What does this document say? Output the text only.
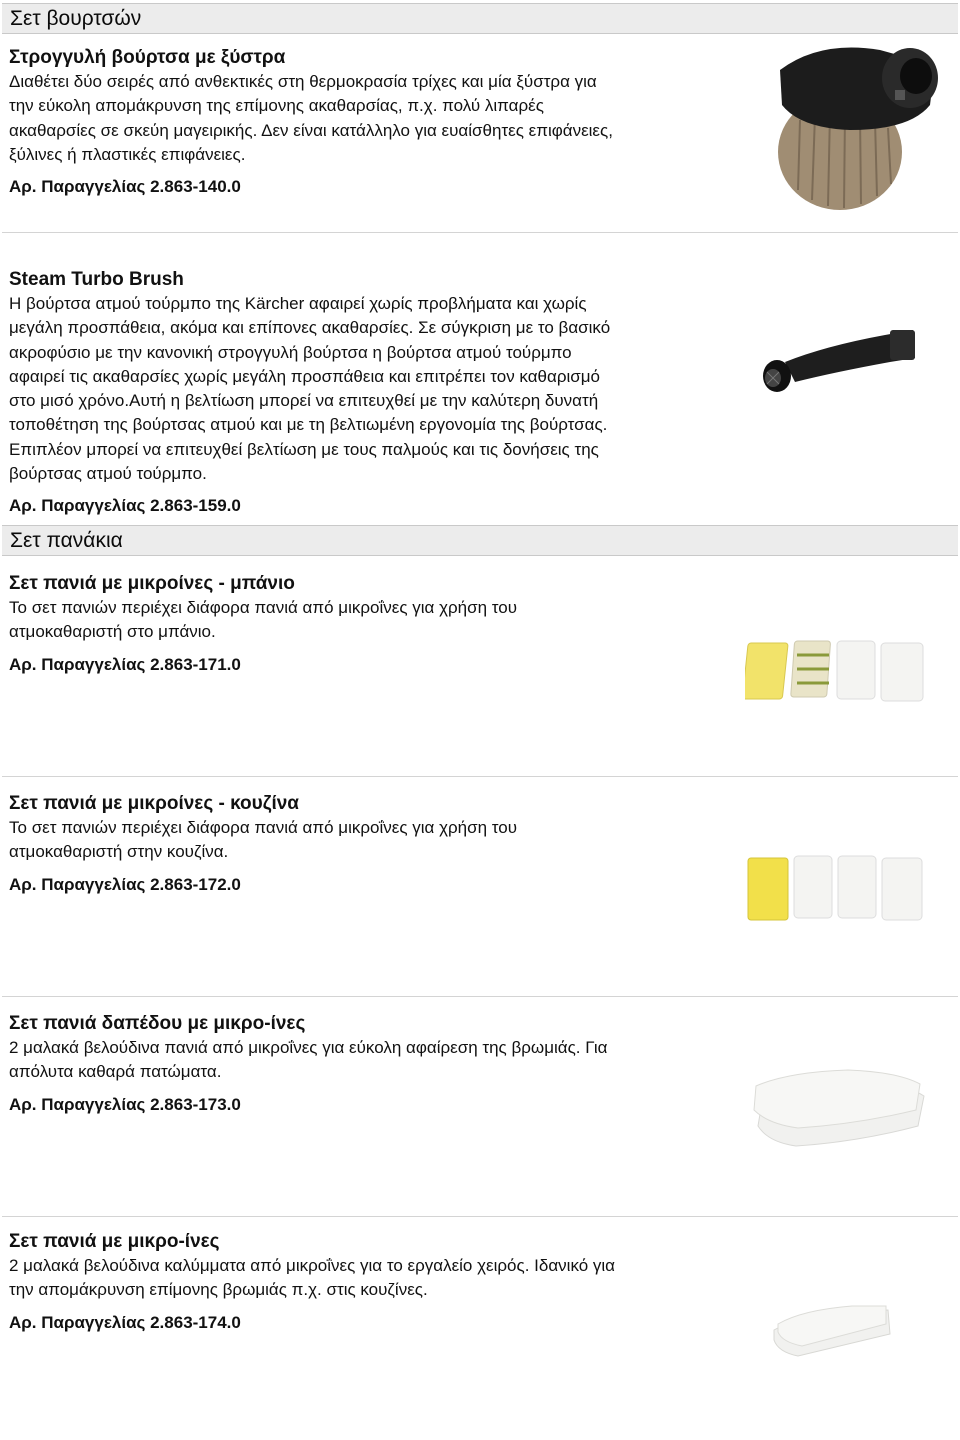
Σετ βουρτσών

Στρογγυλή βούρτσα με ξύστρα

Διαθέτει δύο σειρές από ανθεκτικές στη θερμοκρασία τρίχες και μία ξύστρα για
την εύκολη απομάκρυνση της επίμονης ακαθαρσίας, π.χ. πολύ λιπαρές
ακαθαρσίες σε σκεύη μαγειρικής. Δεν είναι κατάλληλο για ευαίσθητες επιφάνειες,
ξύλινες ή πλαστικές επιφάνειες.

Αρ. Παραγγελίας 2.863-140.0

Steam Turbo Brush

Η βούρτσα ατμού τούρμπο της Kärcher αφαιρεί χωρίς προβλήματα και χωρίς
μεγάλη προσπάθεια, ακόμα και επίπονες ακαθαρσίες. Σε σύγκριση με το βασικό
ακροφύσιο με την κανονική στρογγυλή βούρτσα η βούρτσα ατμού τούρμπο
αφαιρεί τις ακαθαρσίες χωρίς μεγάλη προσπάθεια και επιτρέπει τον καθαρισμό
στο μισό χρόνο.Αυτή η βελτίωση μπορεί να επιτευχθεί με την καλύτερη δυνατή
τοποθέτηση της βούρτσας ατμού και με τη βελτιωμένη εργονομία της βούρτσας.
Επιπλέον μπορεί να επιτευχθεί βελτίωση με τους παλμούς και τις δονήσεις της
βούρτσας ατμού τούρμπο.

Αρ. Παραγγελίας 2.863-159.0
Σετ πανάκια

Σετ πανιά με μικροίνες - μπάνιο

Το σετ πανιών περιέχει διάφορα πανιά από μικροΐνες για χρήση του
ατμοκαθαριστή στο μπάνιο.

Αρ. Παραγγελίας 2.863-171.0

Σετ πανιά με μικροίνες - κουζίνα

Το σετ πανιών περιέχει διάφορα πανιά από μικροΐνες για χρήση του
ατμοκαθαριστή στην κουζίνα.

Αρ. Παραγγελίας 2.863-172.0

Σετ πανιά δαπέδου με μικρο-ίνες

2 μαλακά βελούδινα πανιά από μικροΐνες για εύκολη αφαίρεση της βρωμιάς. Για
απόλυτα καθαρά πατώματα.

Αρ. Παραγγελίας 2.863-173.0

Σετ πανιά με μικρο-ίνες

2 μαλακά βελούδινα καλύμματα από μικροΐνες για το εργαλείο χειρός. Ιδανικό για
την απομάκρυνση επίμονης βρωμιάς π.χ. στις κουζίνες.

Αρ. Παραγγελίας 2.863-174.0
